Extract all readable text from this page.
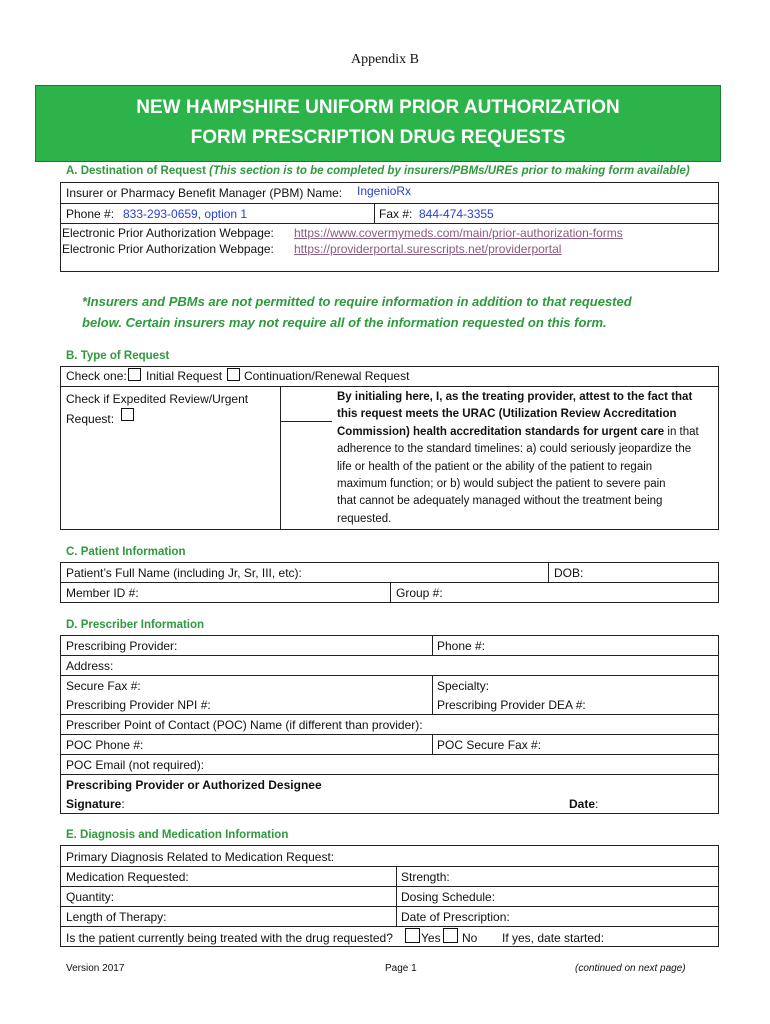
Appendix B
NEW HAMPSHIRE UNIFORM PRIOR AUTHORIZATION
FORM PRESCRIPTION DRUG REQUESTS
A. Destination of Request (This section is to be completed by insurers/PBMs/UREs prior to making form available)
Insurer or Pharmacy Benefit Manager (PBM) Name: IngenioRx
Phone #: 833-293-0659, option 1	Fax #: 844-474-3355
Electronic Prior Authorization Webpage: https://www.covermymeds.com/main/prior-authorization-forms
Electronic Prior Authorization Webpage: https://providerportal.surescripts.net/providerportal
*Insurers and PBMs are not permitted to require information in addition to that requested
below. Certain insurers may not require all of the information requested on this form.
B. Type of Request
Check one: Initial Request Continuation/Renewal Request
Check if Expedited Review/Urgent
Request:
By initialing here, I, as the treating provider, attest to the fact that
this request meets the URAC (Utilization Review Accreditation
Commission) health accreditation standards for urgent care in that
adherence to the standard timelines: a) could seriously jeopardize the
life or health of the patient or the ability of the patient to regain
maximum function; or b) would subject the patient to severe pain
that cannot be adequately managed without the treatment being
requested.
C. Patient Information
Patient’s Full Name (including Jr, Sr, III, etc):	DOB:
Member ID #:	Group #:
D. Prescriber Information
Prescribing Provider:	Phone #:
Address:
Secure Fax #:	Specialty:
Prescribing Provider NPI #:	Prescribing Provider DEA #:
Prescriber Point of Contact (POC) Name (if different than provider):
POC Phone #:	POC Secure Fax #:
POC Email (not required):
Prescribing Provider or Authorized Designee
Signature:	Date:
E. Diagnosis and Medication Information
Primary Diagnosis Related to Medication Request:
Medication Requested:	Strength:
Quantity:	Dosing Schedule:
Length of Therapy:	Date of Prescription:
Is the patient currently being treated with the drug requested? Yes No If yes, date started:
Version 2017	Page 1	(continued on next page)
